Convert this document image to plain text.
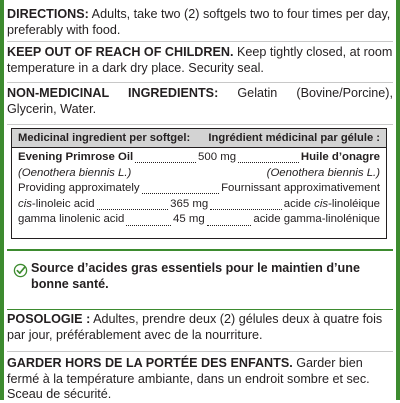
DIRECTIONS: Adults, take two (2) softgels two to four times per day, preferably with food.

KEEP OUT OF REACH OF CHILDREN. Keep tightly closed, at room temperature in a dark dry place. Security seal.

NON-MEDICINAL INGREDIENTS: Gelatin (Bovine/Porcine), Glycerin, Water.

Medicinal ingredient per softgel: Ingrédient médicinal par gélule :
Evening Primrose Oil	500 mg	Huile d’onagre
(Oenothera biennis L.)	(Oenothera biennis L.)
Providing approximately	Fournissant approximativement
cis-linoleic acid	365 mg	acide cis-linoléique
gamma linolenic acid	45 mg	acide gamma-linolénique

Source d’acides gras essentiels pour le maintien d’une bonne santé.

POSOLOGIE : Adultes, prendre deux (2) gélules deux à quatre fois par jour, préférablement avec de la nourriture.

GARDER HORS DE LA PORTÉE DES ENFANTS. Garder bien fermé à la température ambiante, dans un endroit sombre et sec. Sceau de sécurité.
